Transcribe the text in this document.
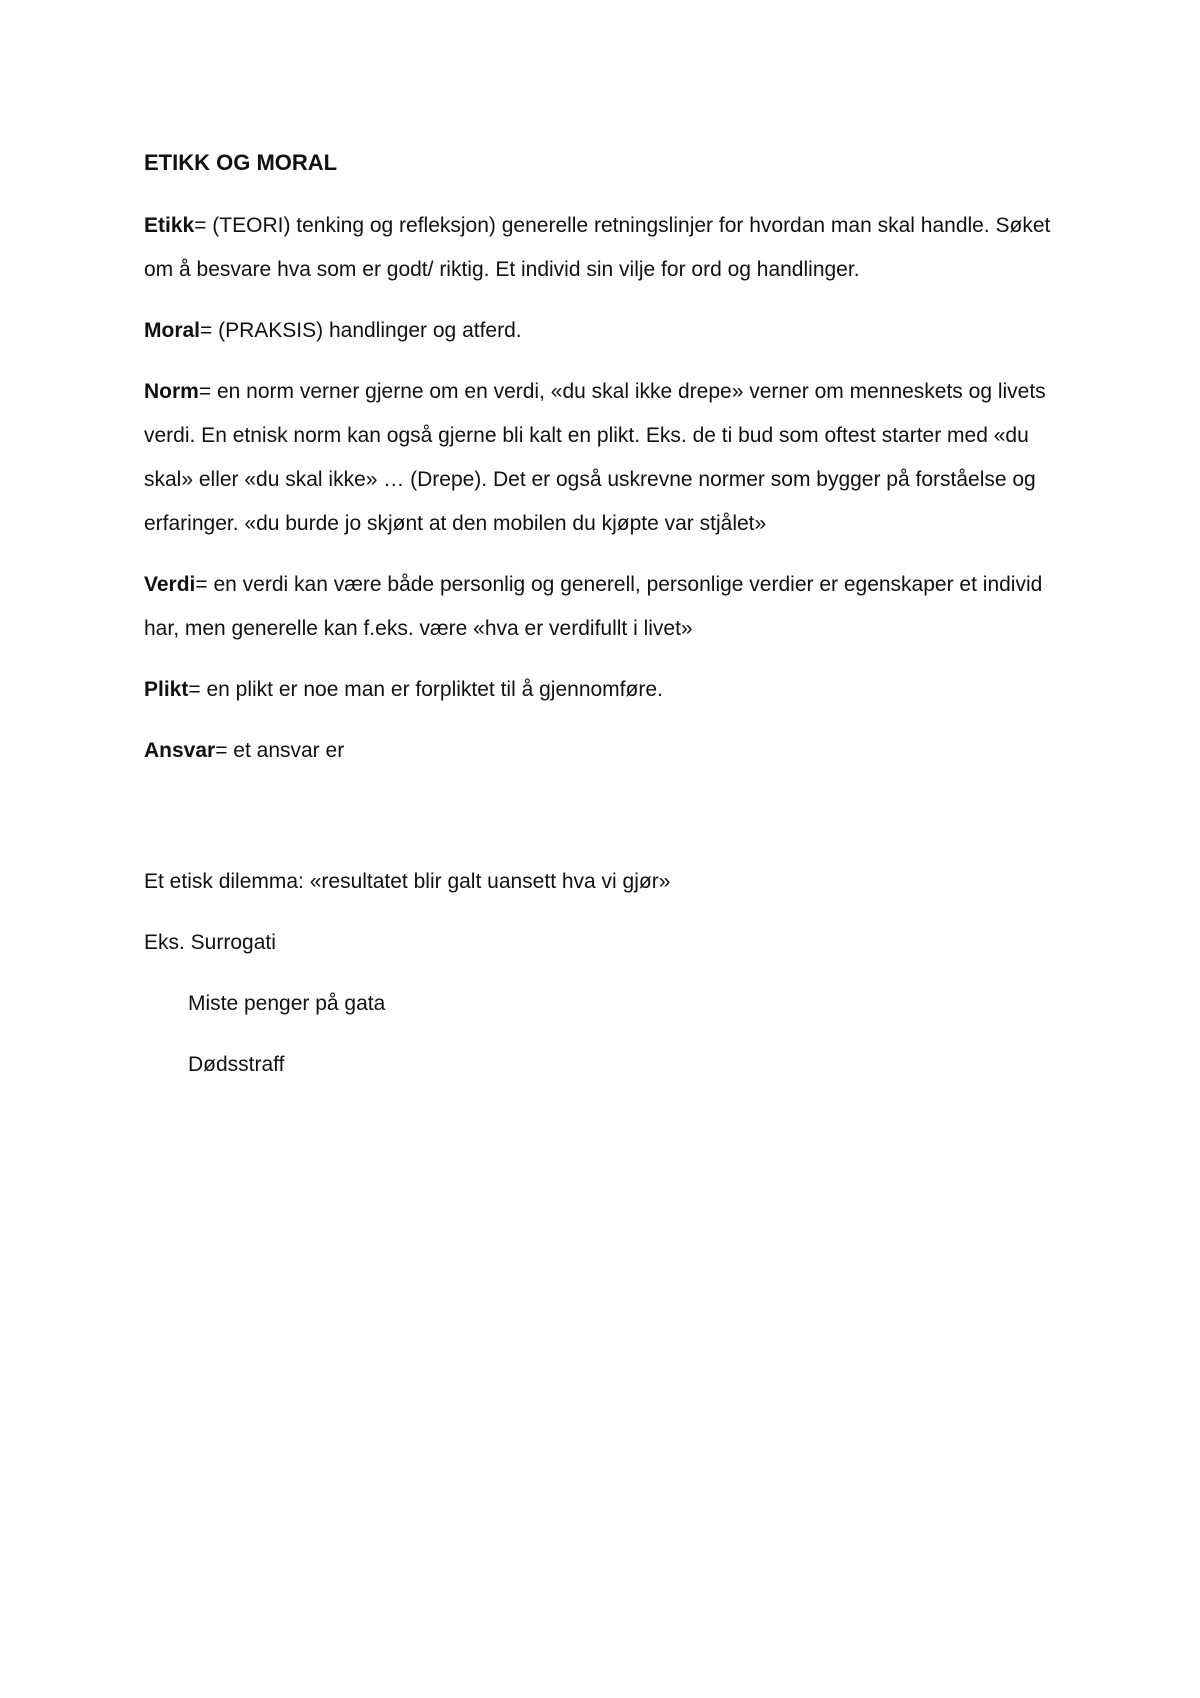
ETIKK OG MORAL

Etikk= (TEORI) tenking og refleksjon) generelle retningslinjer for hvordan man skal handle. Søket om å besvare hva som er godt/ riktig. Et individ sin vilje for ord og handlinger.

Moral= (PRAKSIS) handlinger og atferd.

Norm= en norm verner gjerne om en verdi, «du skal ikke drepe» verner om menneskets og livets verdi. En etnisk norm kan også gjerne bli kalt en plikt. Eks. de ti bud som oftest starter med «du skal» eller «du skal ikke» … (Drepe). Det er også uskrevne normer som bygger på forståelse og erfaringer. «du burde jo skjønt at den mobilen du kjøpte var stjålet»

Verdi= en verdi kan være både personlig og generell, personlige verdier er egenskaper et individ har, men generelle kan f.eks. være «hva er verdifullt i livet»

Plikt= en plikt er noe man er forpliktet til å gjennomføre.

Ansvar= et ansvar er

Et etisk dilemma: «resultatet blir galt uansett hva vi gjør»

Eks. Surrogati

Miste penger på gata

Dødsstraff
